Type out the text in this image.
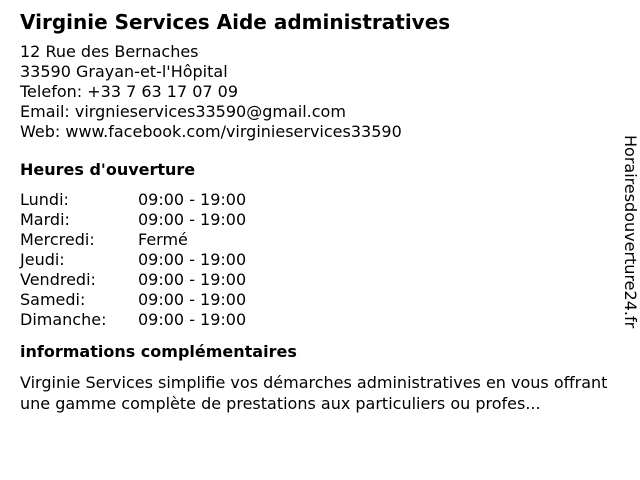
Virginie Services Aide administratives
12 Rue des Bernaches
33590 Grayan-et-l'Hôpital
Telefon: +33 7 63 17 07 09
Email: virgnieservices33590@gmail.com
Web: www.facebook.com/virginieservices33590
Heures d'ouverture
Lundi:	09:00 - 19:00
Mardi:	09:00 - 19:00
Mercredi:	Fermé
Jeudi:	09:00 - 19:00
Vendredi:	09:00 - 19:00
Samedi:	09:00 - 19:00
Dimanche:	09:00 - 19:00
informations complémentaires
Virginie Services simplifie vos démarches administratives en vous offrant une gamme complète de prestations aux particuliers ou profes...
Horairesdouverture24.fr
